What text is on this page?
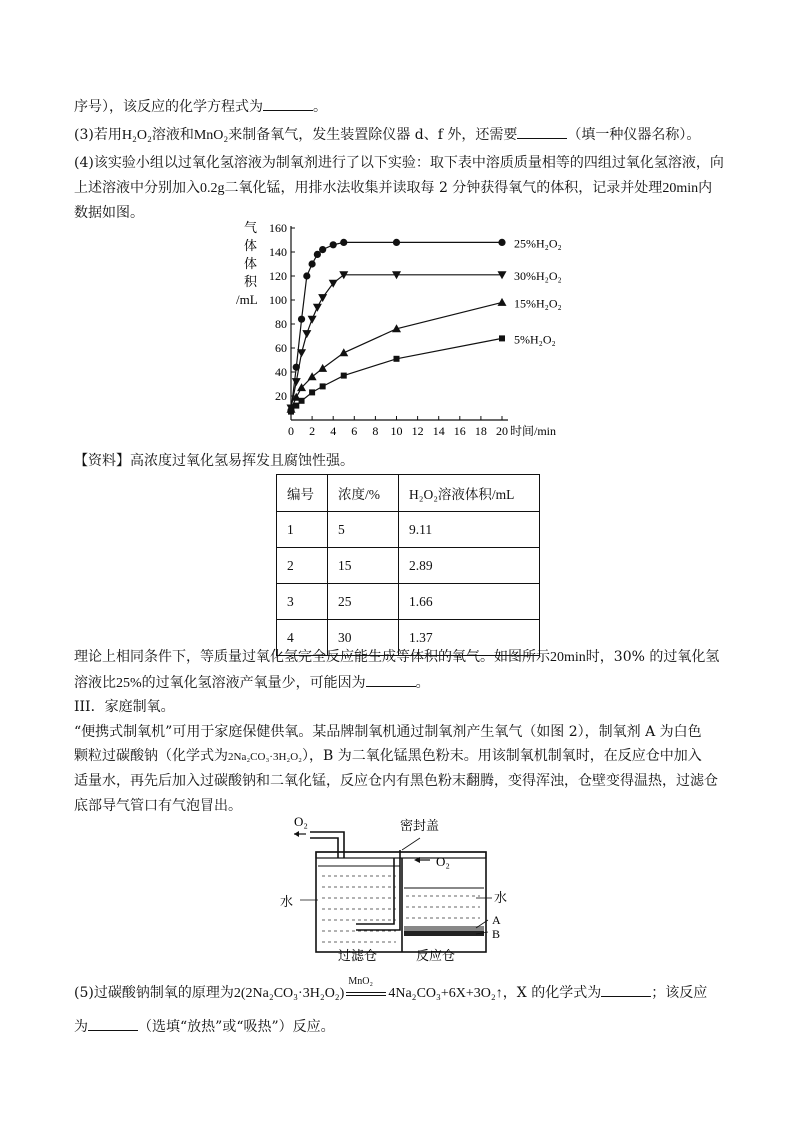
序号），该反应的化学方程式为	。
(3)若用H₂O₂溶液和MnO₂来制备氧气，发生装置除仪器 d、f 外，还需要	（填一种仪器名称）。
(4)该实验小组以过氧化氢溶液为制氧剂进行了以下实验：取下表中溶质质量相等的四组过氧化氢溶液，向
上述溶液中分别加入0.2g二氧化锰，用排水法收集并读取每 2 分钟获得氧气的体积，记录并处理20min内
数据如图。
气
体
体
积
/mL
0 2 4 6 8 10 12 14 16 18 20
20
40
60
80
100
120
140
160
时间/min
25%H₂O₂
30%H₂O₂
15%H₂O₂
5%H₂O₂
【资料】高浓度过氧化氢易挥发且腐蚀性强。
编号	浓度/%	H₂O₂溶液体积/mL
1	5	9.11
2	15	2.89
3	25	1.66
4	30	1.37
理论上相同条件下，等质量过氧化氢完全反应能生成等体积的氧气。如图所示20min时，30% 的过氧化氢
溶液比25%的过氧化氢溶液产氧量少，可能因为	。
III．家庭制氧。
“便携式制氧机”可用于家庭保健供氧。某品牌制氧机通过制氧剂产生氧气（如图 2），制氧剂 A 为白色
颗粒过碳酸钠（化学式为2Na₂CO₃·3H₂O₂），B 为二氧化锰黑色粉末。用该制氧机制氧时，在反应仓中加入
适量水，再先后加入过碳酸钠和二氧化锰，反应仓内有黑色粉末翻腾，变得浑浊，仓壁变得温热，过滤仓
底部导气管口有气泡冒出。
O₂	密封盖
O₂
水	水
A
B
过滤仓	反应仓
(5)过碳酸钠制氧的原理为2(2Na₂CO₃·3H₂O₂)
MnO₂
4Na₂CO₃+6X+3O₂↑，X 的化学式为	；该反应
为	（选填“放热”或“吸热”）反应。
